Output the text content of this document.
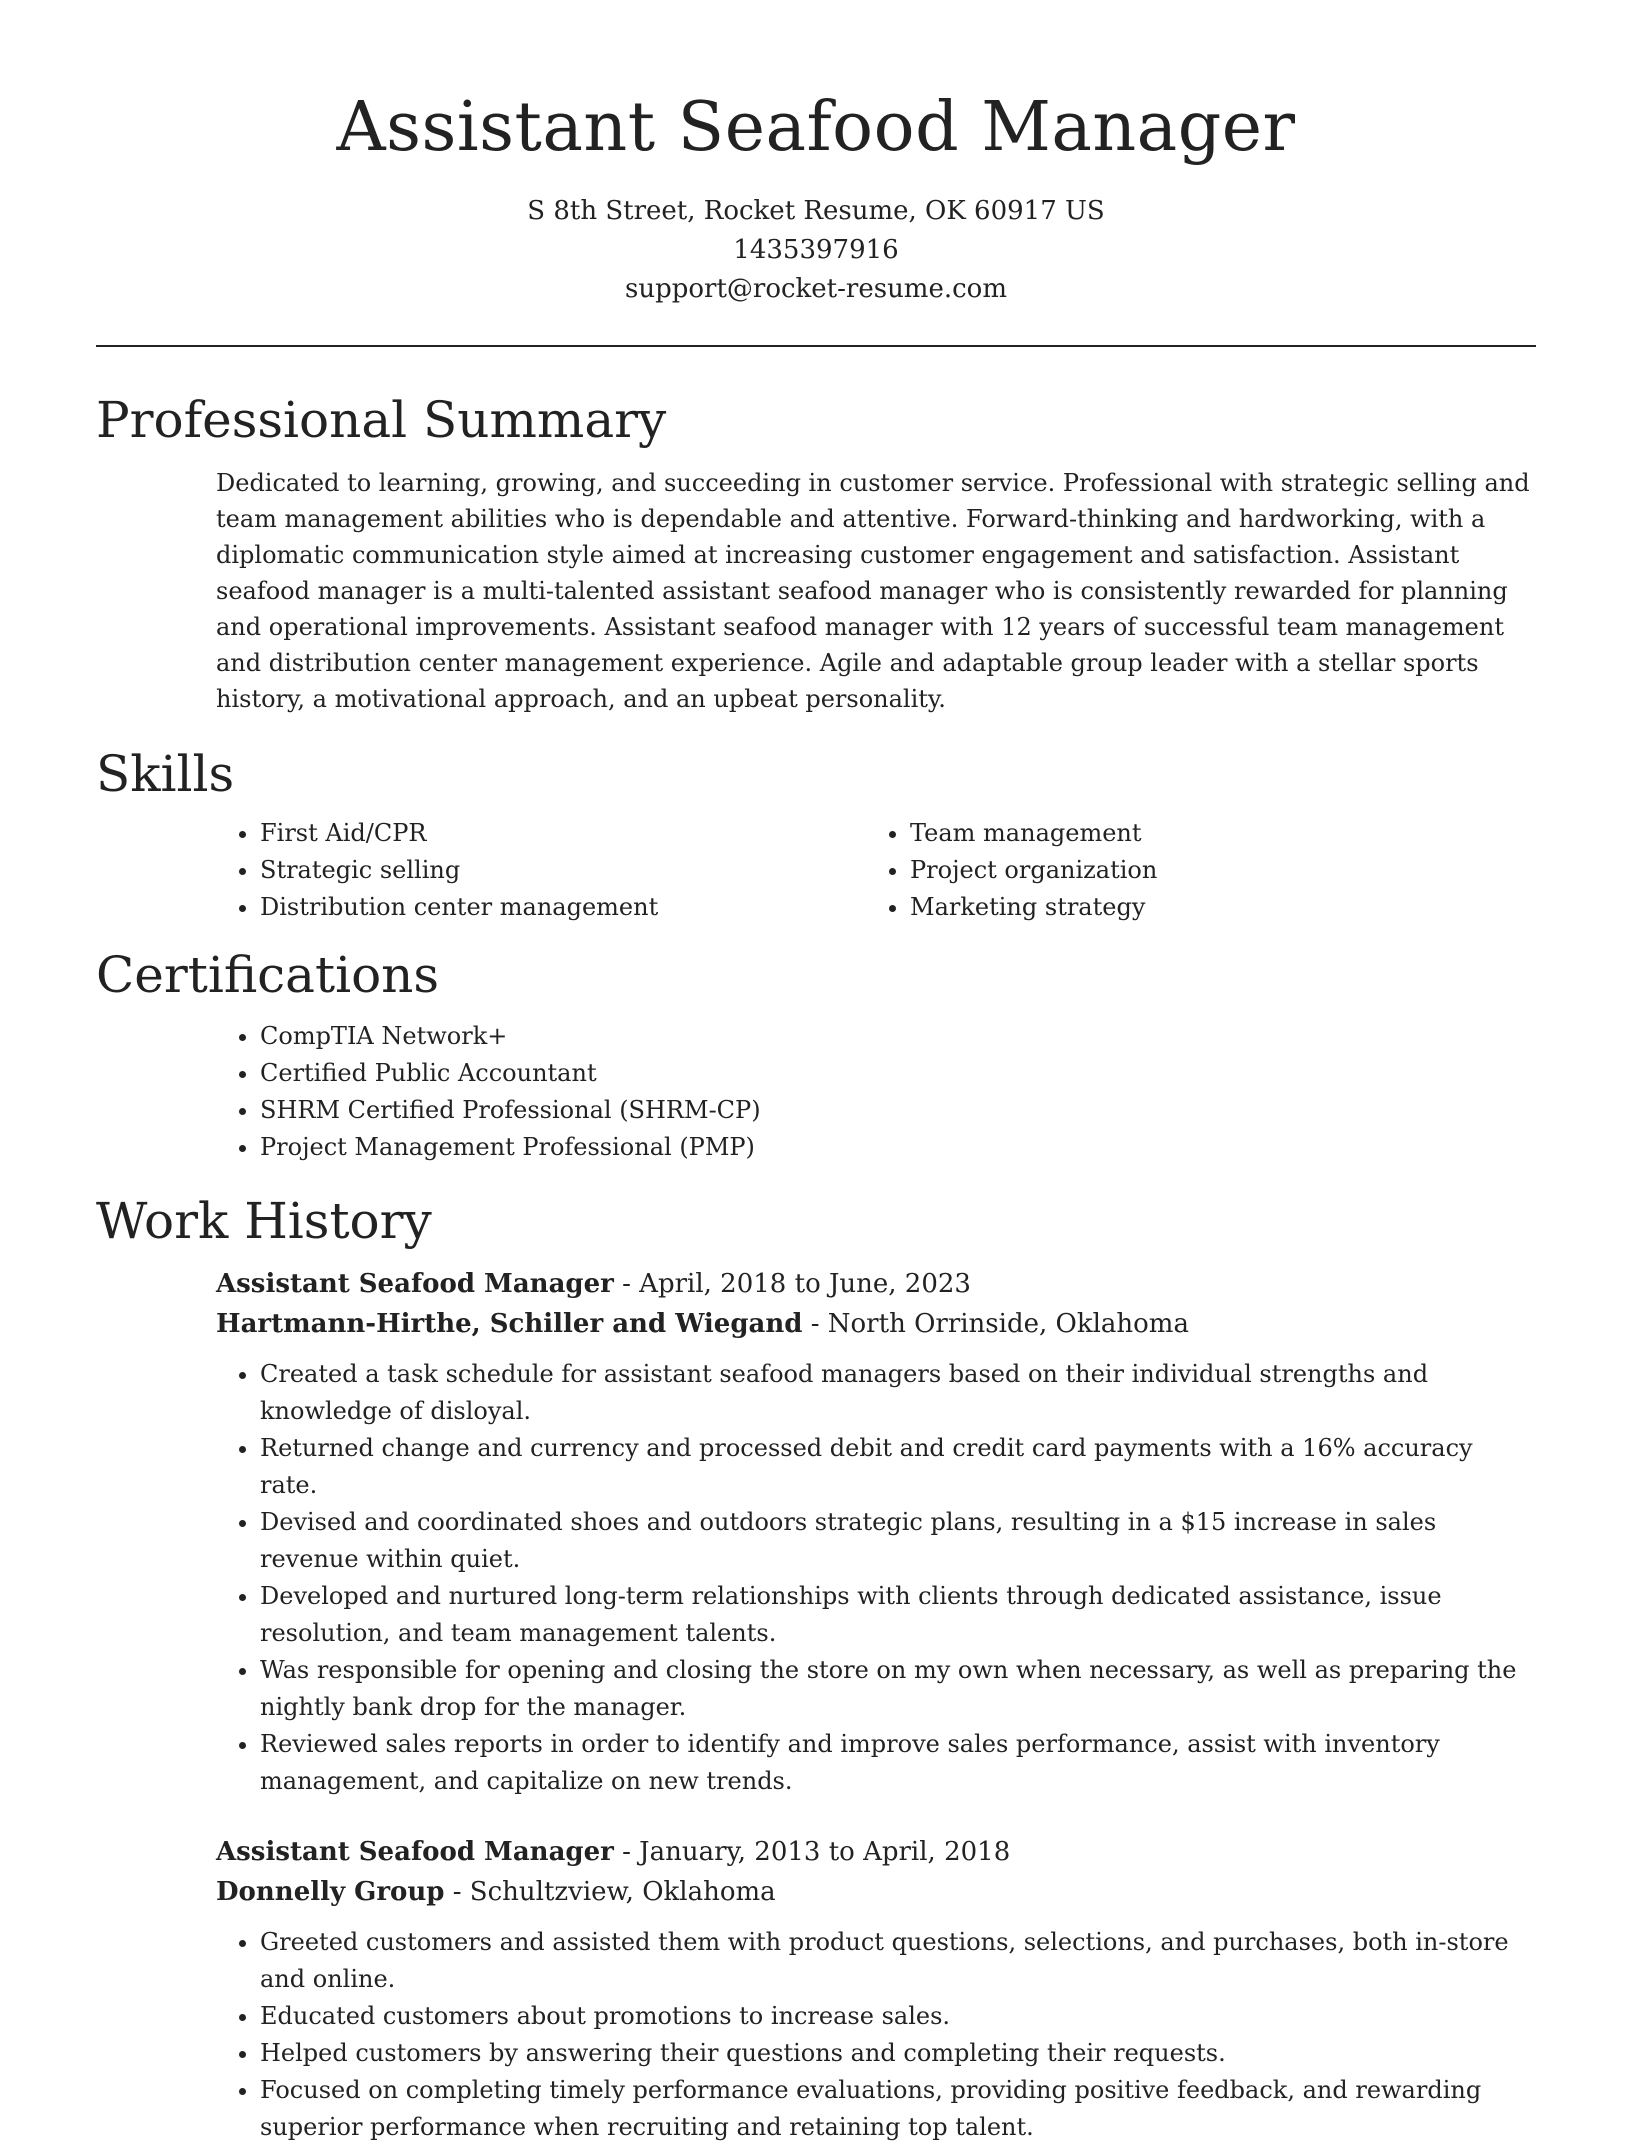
Assistant Seafood Manager
S 8th Street, Rocket Resume, OK 60917 US
1435397916
support@rocket-resume.com
Professional Summary

Dedicated to learning, growing, and succeeding in customer service. Professional with strategic selling and team management abilities who is dependable and attentive. Forward-thinking and hardworking, with a diplomatic communication style aimed at increasing customer engagement and satisfaction. Assistant seafood manager is a multi-talented assistant seafood manager who is consistently rewarded for planning and operational improvements. Assistant seafood manager with 12 years of successful team management and distribution center management experience. Agile and adaptable group leader with a stellar sports history, a motivational approach, and an upbeat personality.

Skills
• First Aid/CPR
• Strategic selling
• Distribution center management
• Team management
• Project organization
• Marketing strategy
Certifications
• CompTIA Network+
• Certified Public Accountant
• SHRM Certified Professional (SHRM-CP)
• Project Management Professional (PMP)
Work History
Assistant Seafood Manager - April, 2018 to June, 2023
Hartmann-Hirthe, Schiller and Wiegand - North Orrinside, Oklahoma
• Created a task schedule for assistant seafood managers based on their individual strengths and knowledge of disloyal.
• Returned change and currency and processed debit and credit card payments with a 16% accuracy rate.
• Devised and coordinated shoes and outdoors strategic plans, resulting in a $15 increase in sales revenue within quiet.
• Developed and nurtured long-term relationships with clients through dedicated assistance, issue resolution, and team management talents.
• Was responsible for opening and closing the store on my own when necessary, as well as preparing the nightly bank drop for the manager.
• Reviewed sales reports in order to identify and improve sales performance, assist with inventory management, and capitalize on new trends.
Assistant Seafood Manager - January, 2013 to April, 2018
Donnelly Group - Schultzview, Oklahoma
• Greeted customers and assisted them with product questions, selections, and purchases, both in-store and online.
• Educated customers about promotions to increase sales.
• Helped customers by answering their questions and completing their requests.
• Focused on completing timely performance evaluations, providing positive feedback, and rewarding superior performance when recruiting and retaining top talent.
